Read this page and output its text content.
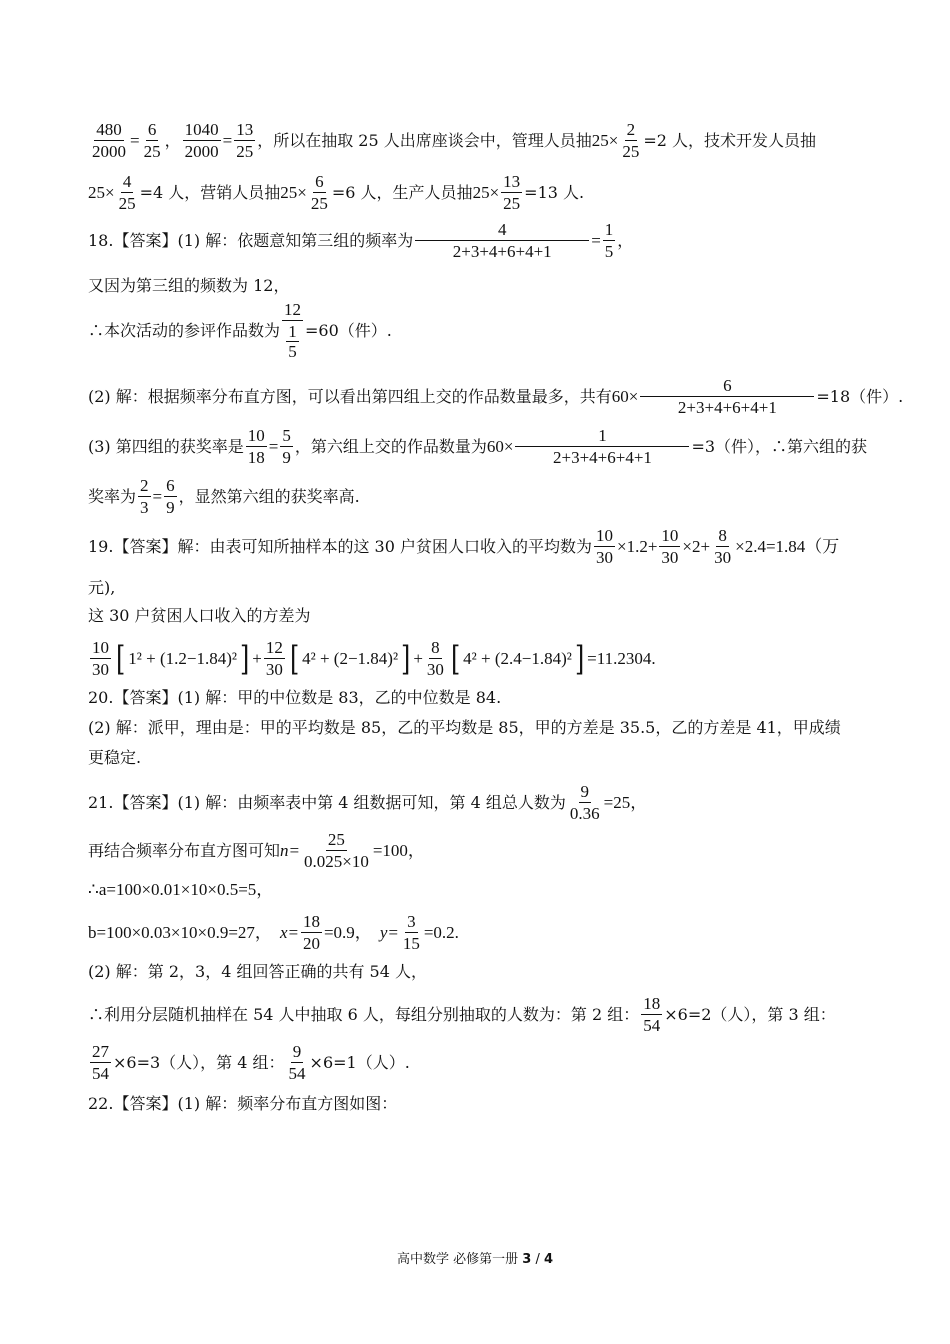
$\frac{480}{2000} = \frac{6}{25}$ ， $\frac{1040}{2000} = \frac{13}{25}$ ，所以在抽取 25 人出席座谈会中，管理人员抽 $25\times \frac{2}{25} =2$ 人，技术开发人员抽
$25\times \frac{4}{25} =4$ 人，营销人员抽 $25\times \frac{6}{25} =6$ 人，生产人员抽 $25\times \frac{13}{25} =13$ 人.
18.【答案】(1) 解：依题意知第三组的频率为 $\frac{4}{2+3+4+6+4+1} = \frac{1}{5}$ ，
又因为第三组的频数为 12，
∴本次活动的参评作品数为 12
1
5 =60（件）.
(2) 解：根据频率分布直方图，可以看出第四组上交的作品数量最多，共有 $60\times \frac{6}{2+3+4+6+4+1} =18$（件）.
(3) 第四组的获奖率是 $\frac{10}{18} = \frac{5}{9}$ ，第六组上交的作品数量为 $60\times \frac{1}{2+3+4+6+4+1} =3$（件），∴第六组的获
奖率为 $\frac{2}{3} = \frac{6}{9}$ ，显然第六组的获奖率高.
19.【答案】解：由表可知所抽样本的这 30 户贫困人口收入的平均数为 $\frac{10}{30} \times 1.2+ \frac{10}{30} \times 2+ \frac{8}{30} \times 2.4=1.84$（万
元),
这 30 户贫困人口收入的方差为
$\frac{10}{30}$ [ 1² + (1.2−1.84)² ] + $\frac{12}{30}$ [ 4² + (2−1.84)² ] + $\frac{8}{30}$ [ 4² + (2.4−1.84)² ] =11.2304.
20.【答案】(1) 解：甲的中位数是 83，乙的中位数是 84.
(2) 解：派甲，理由是：甲的平均数是 85，乙的平均数是 85，甲的方差是 35.5，乙的方差是 41，甲成绩
更稳定.
21.【答案】(1) 解：由频率表中第 4 组数据可知，第 4 组总人数为 $\frac{9}{0.36} =25$，
再结合频率分布直方图可知 $n= \frac{25}{0.025\times 10} =100$，
∴a=100×0.01×10×0.5=5，
b=100×0.03×10×0.9=27， $x= \frac{18}{20} =0.9$， $y= \frac{3}{15} =0.2$.
(2) 解：第 2，3，4 组回答正确的共有 54 人，
∴利用分层随机抽样在 54 人中抽取 6 人，每组分别抽取的人数为：第 2 组： $\frac{18}{54} \times 6=2$（人），第 3 组：
$\frac{27}{54} \times 6=3$（人），第 4 组： $\frac{9}{54} \times 6=1$（人）.
22.【答案】(1) 解：频率分布直方图如图：
高中数学 必修第一册 3 / 4
